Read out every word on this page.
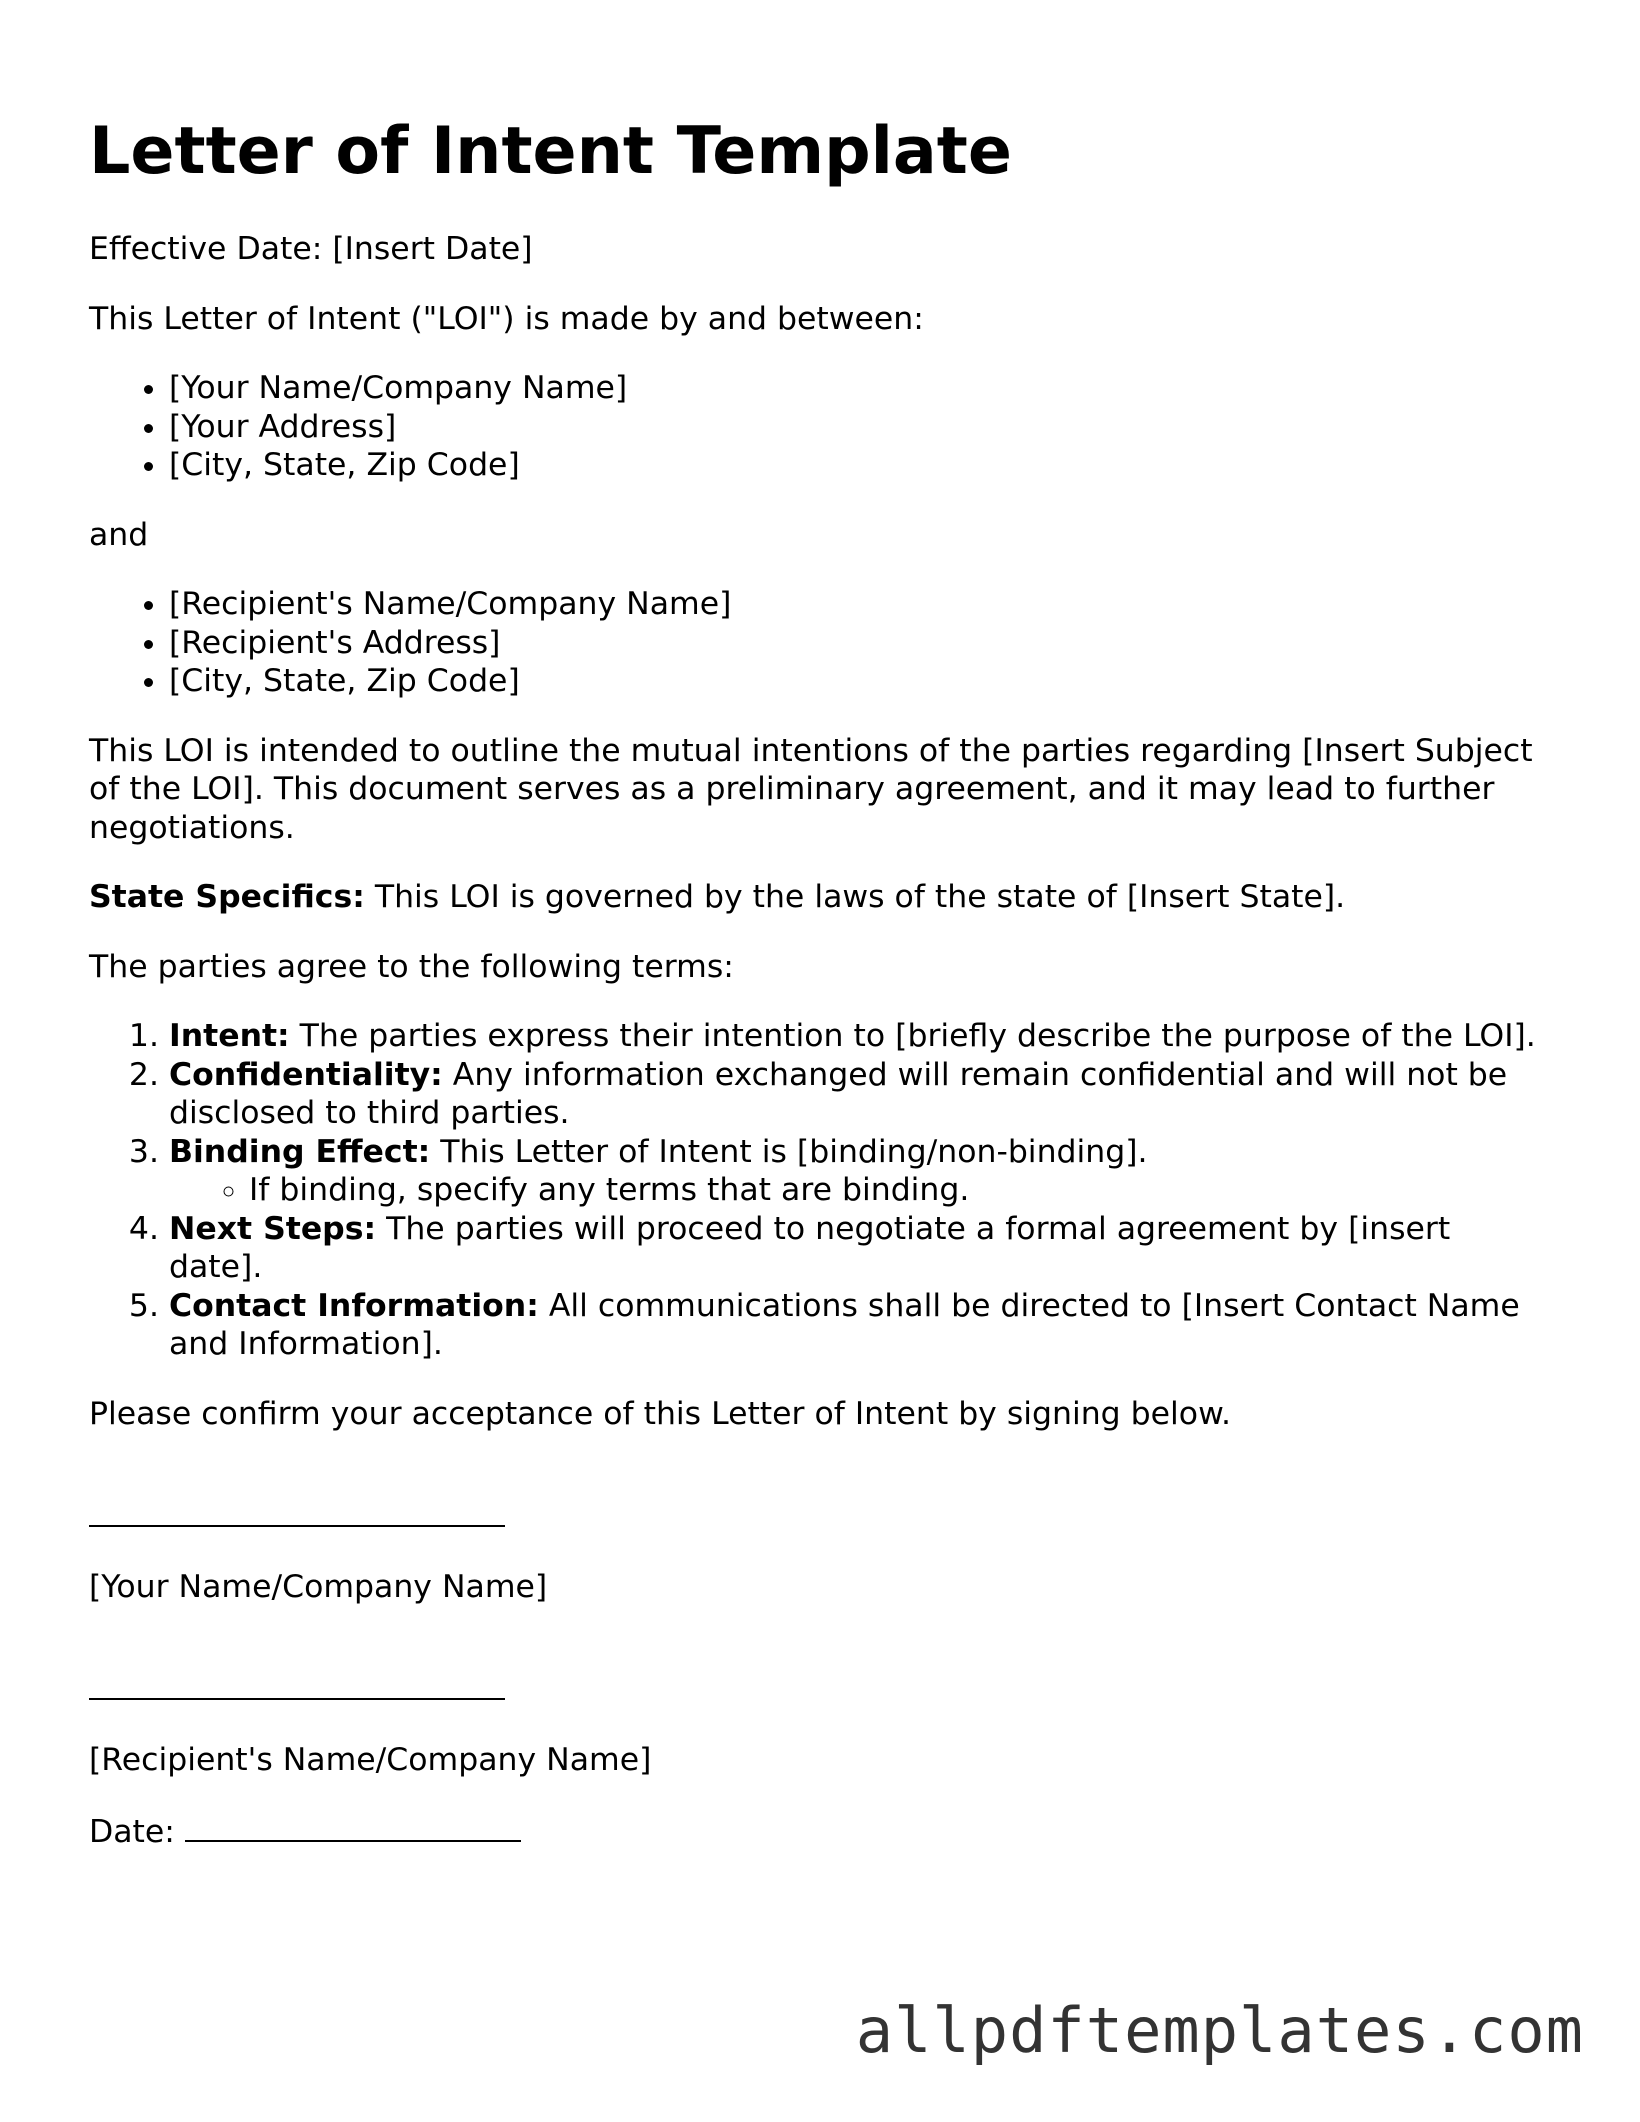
Letter of Intent Template

Effective Date: [Insert Date]

This Letter of Intent ("LOI") is made by and between:

• [Your Name/Company Name]
• [Your Address]
• [City, State, Zip Code]

and

• [Recipient's Name/Company Name]
• [Recipient's Address]
• [City, State, Zip Code]

This LOI is intended to outline the mutual intentions of the parties regarding [Insert Subject of the LOI]. This document serves as a preliminary agreement, and it may lead to further negotiations.

State Specifics: This LOI is governed by the laws of the state of [Insert State].

The parties agree to the following terms:

1. Intent: The parties express their intention to [briefly describe the purpose of the LOI].
2. Confidentiality: Any information exchanged will remain confidential and will not be disclosed to third parties.
3. Binding Effect: This Letter of Intent is [binding/non-binding].
◦ If binding, specify any terms that are binding.
4. Next Steps: The parties will proceed to negotiate a formal agreement by [insert date].
5. Contact Information: All communications shall be directed to [Insert Contact Name and Information].

Please confirm your acceptance of this Letter of Intent by signing below.

[Your Name/Company Name]

[Recipient's Name/Company Name]

Date:

allpdftemplates.com
